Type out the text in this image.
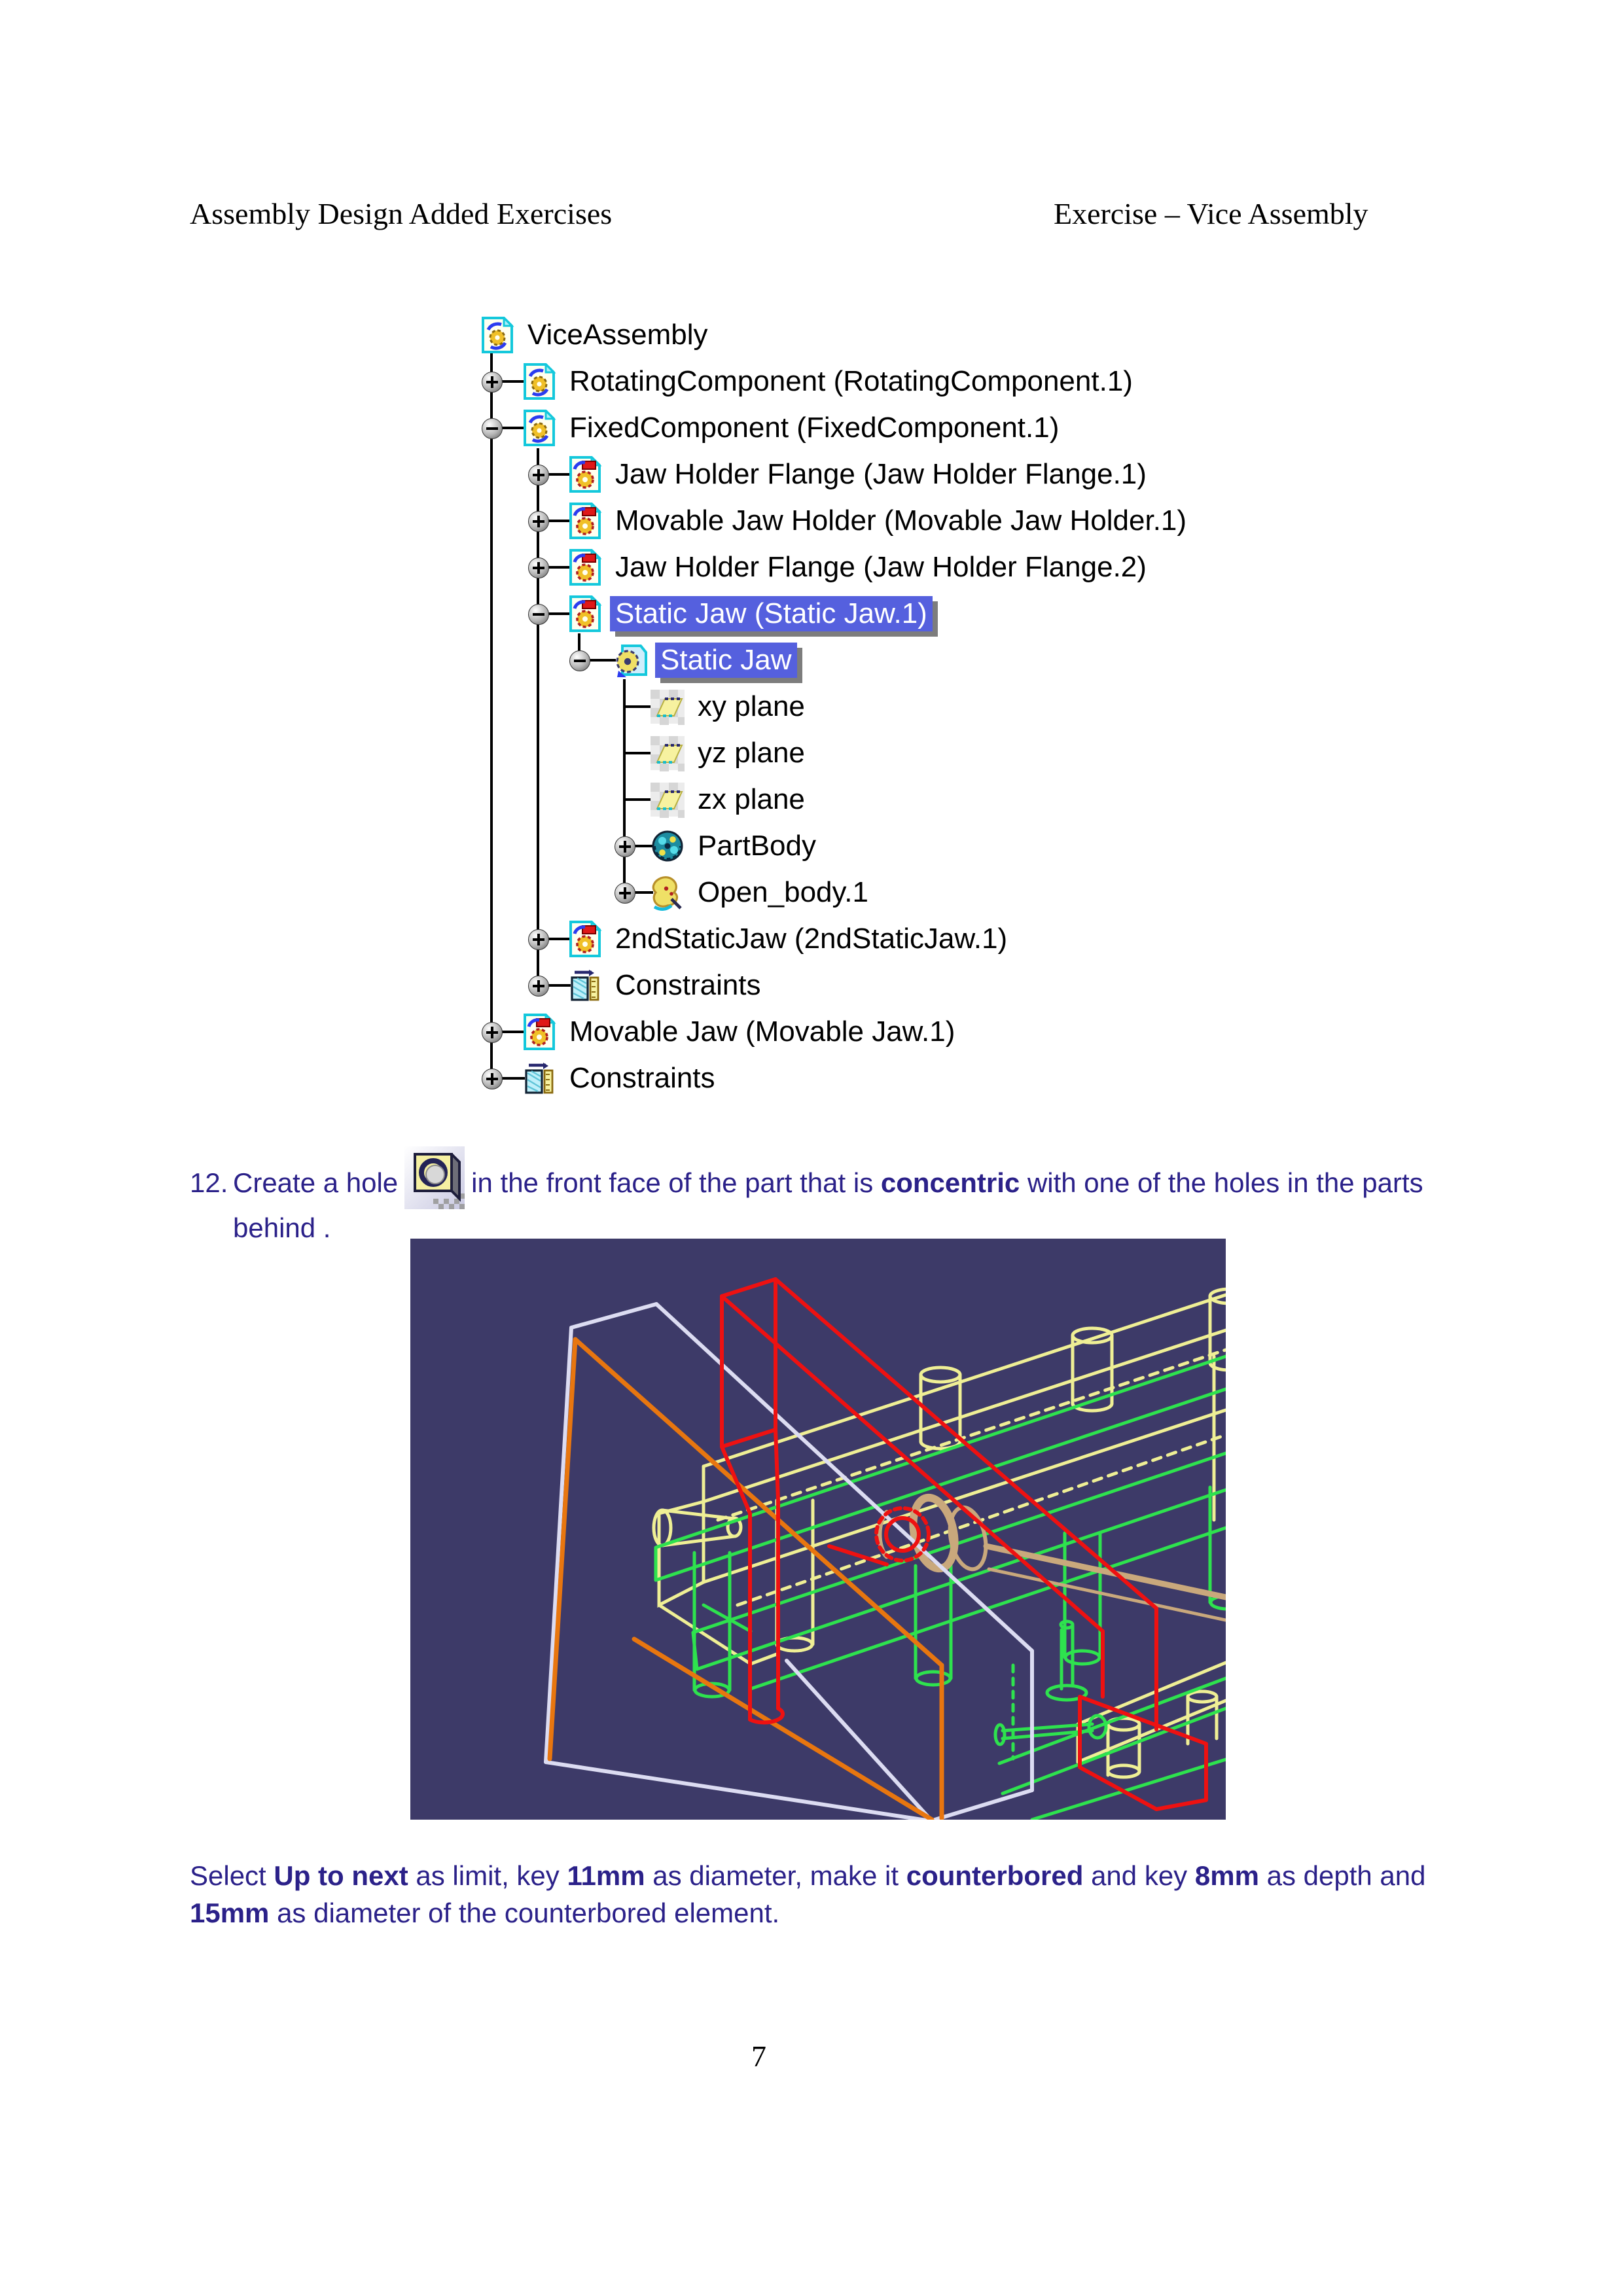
Assembly Design Added Exercises	Exercise – Vice Assembly
ViceAssembly
RotatingComponent (RotatingComponent.1)
FixedComponent (FixedComponent.1)
Jaw Holder Flange (Jaw Holder Flange.1)
Movable Jaw Holder (Movable Jaw Holder.1)
Jaw Holder Flange (Jaw Holder Flange.2)
Static Jaw (Static Jaw.1)
Static Jaw
xy plane
yz plane
zx plane
PartBody
Open_body.1
2ndStaticJaw (2ndStaticJaw.1)
Constraints
Movable Jaw (Movable Jaw.1)
Constraints
12. Create a hole	in the front face of the part that is concentric with one of the holes in the parts
behind .
Select Up to next as limit, key 11mm as diameter, make it counterbored and key 8mm as depth and
15mm as diameter of the counterbored element.
7
